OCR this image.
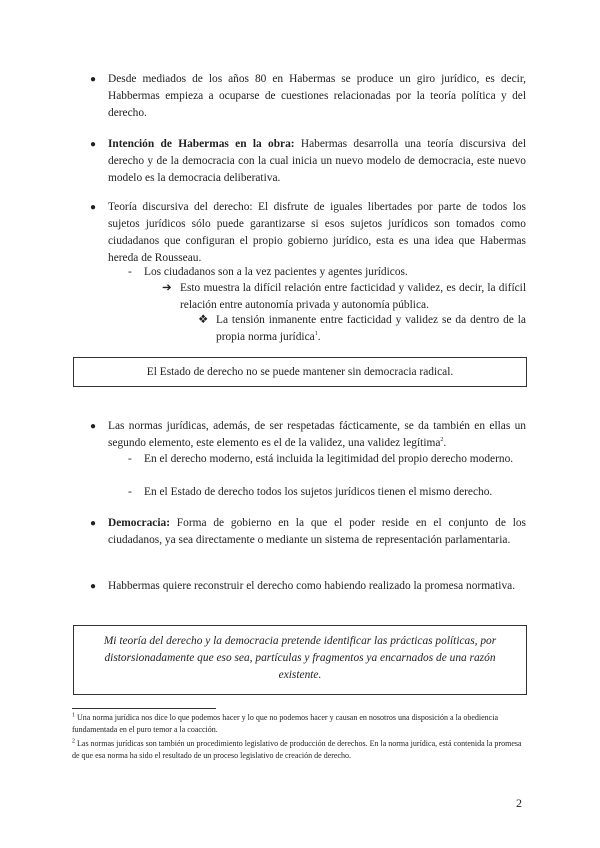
● Desde mediados de los años 80 en Habermas se produce un giro jurídico, es decir, Habbermas empieza a ocuparse de cuestiones relacionadas por la teoría política y del derecho.
● Intención de Habermas en la obra: Habermas desarrolla una teoría discursiva del derecho y de la democracia con la cual inicia un nuevo modelo de democracia, este nuevo modelo es la democracia deliberativa.
● Teoría discursiva del derecho: El disfrute de iguales libertades por parte de todos los sujetos jurídicos sólo puede garantizarse si esos sujetos jurídicos son tomados como ciudadanos que configuran el propio gobierno jurídico, esta es una idea que Habermas hereda de Rousseau.
- Los ciudadanos son a la vez pacientes y agentes jurídicos.
➔ Esto muestra la difícil relación entre facticidad y validez, es decir, la difícil relación entre autonomía privada y autonomía pública.
❖ La tensión inmanente entre facticidad y validez se da dentro de la propia norma jurídica$^1$.
El Estado de derecho no se puede mantener sin democracia radical.
● Las normas jurídicas, además, de ser respetadas fácticamente, se da también en ellas un segundo elemento, este elemento es el de la validez, una validez legítima$^2$.
- En el derecho moderno, está incluida la legitimidad del propio derecho moderno.
- En el Estado de derecho todos los sujetos jurídicos tienen el mismo derecho.
● Democracia: Forma de gobierno en la que el poder reside en el conjunto de los ciudadanos, ya sea directamente o mediante un sistema de representación parlamentaria.
● Habbermas quiere reconstruir el derecho como habiendo realizado la promesa normativa.
Mi teoría del derecho y la democracia pretende identificar las prácticas políticas, por distorsionadamente que eso sea, partículas y fragmentos ya encarnados de una razón existente.
$^1$ Una norma jurídica nos dice lo que podemos hacer y lo que no podemos hacer y causan en nosotros una disposición a la obediencia fundamentada en el puro temor a la coacción.
$^2$ Las normas jurídicas son también un procedimiento legislativo de producción de derechos. En la norma jurídica, está contenida la promesa de que esa norma ha sido el resultado de un proceso legislativo de creación de derecho.
2
